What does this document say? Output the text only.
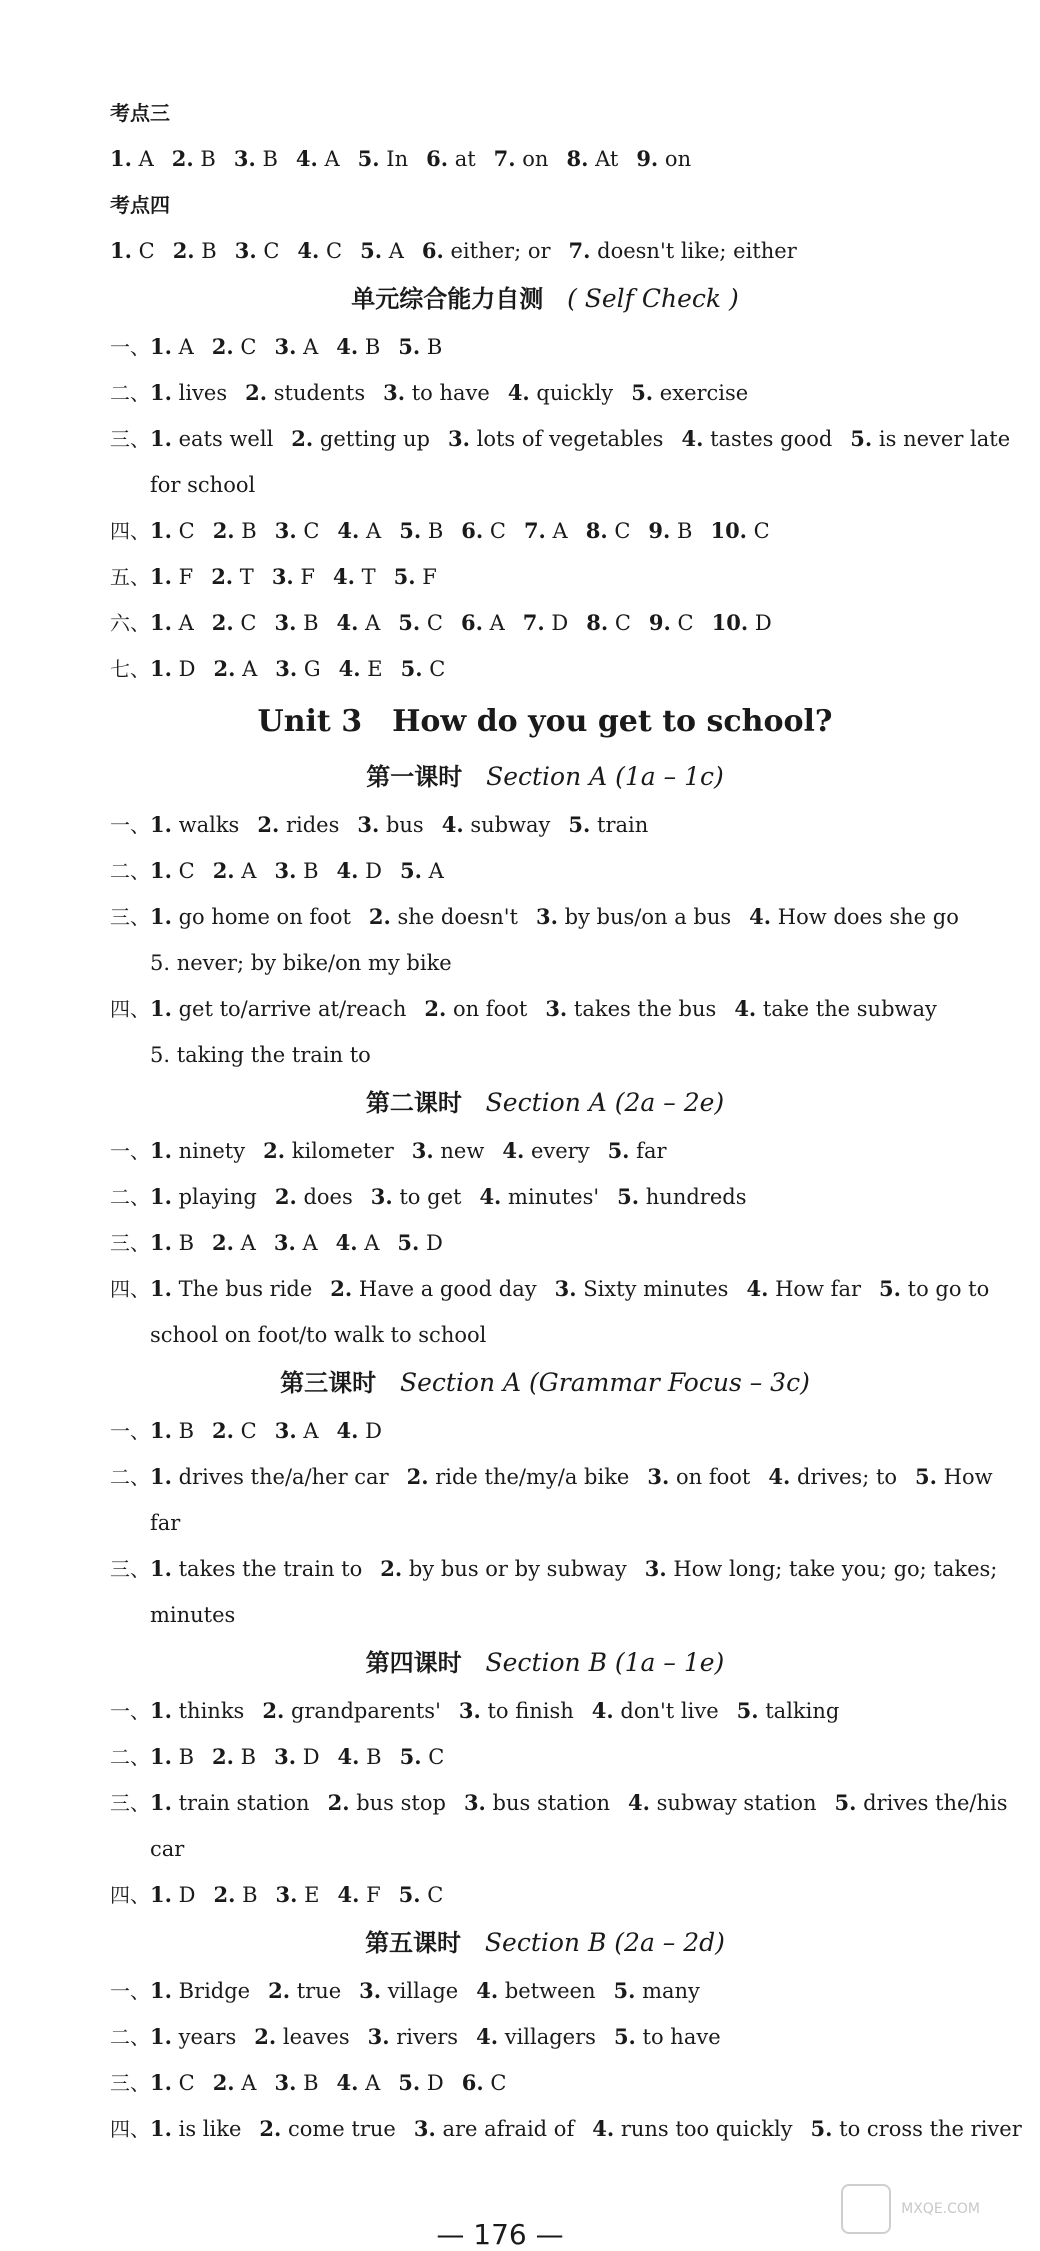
考点三
1. A 2. B 3. B 4. A 5. In 6. at 7. on 8. At 9. on
考点四
1. C 2. B 3. C 4. C 5. A 6. either; or 7. doesn't like; either
单元综合能力自测 ( Self Check )
一、1. A 2. C 3. A 4. B 5. B
二、1. lives 2. students 3. to have 4. quickly 5. exercise
三、1. eats well 2. getting up 3. lots of vegetables 4. tastes good 5. is never late
for school
四、1. C 2. B 3. C 4. A 5. B 6. C 7. A 8. C 9. B 10. C
五、1. F 2. T 3. F 4. T 5. F
六、1. A 2. C 3. B 4. A 5. C 6. A 7. D 8. C 9. C 10. D
七、1. D 2. A 3. G 4. E 5. C
Unit 3　How do you get to school?
第一课时 Section A (1a – 1c)
一、1. walks 2. rides 3. bus 4. subway 5. train
二、1. C 2. A 3. B 4. D 5. A
三、1. go home on foot 2. she doesn't 3. by bus/on a bus 4. How does she go
5. never; by bike/on my bike
四、1. get to/arrive at/reach 2. on foot 3. takes the bus 4. take the subway
5. taking the train to
第二课时 Section A (2a – 2e)
一、1. ninety 2. kilometer 3. new 4. every 5. far
二、1. playing 2. does 3. to get 4. minutes' 5. hundreds
三、1. B 2. A 3. A 4. A 5. D
四、1. The bus ride 2. Have a good day 3. Sixty minutes 4. How far 5. to go to
school on foot/to walk to school
第三课时 Section A (Grammar Focus – 3c)
一、1. B 2. C 3. A 4. D
二、1. drives the/a/her car 2. ride the/my/a bike 3. on foot 4. drives; to 5. How
far
三、1. takes the train to 2. by bus or by subway 3. How long; take you; go; takes;
minutes
第四课时 Section B (1a – 1e)
一、1. thinks 2. grandparents' 3. to finish 4. don't live 5. talking
二、1. B 2. B 3. D 4. B 5. C
三、1. train station 2. bus stop 3. bus station 4. subway station 5. drives the/his
car
四、1. D 2. B 3. E 4. F 5. C
第五课时 Section B (2a – 2d)
一、1. Bridge 2. true 3. village 4. between 5. many
二、1. years 2. leaves 3. rivers 4. villagers 5. to have
三、1. C 2. A 3. B 4. A 5. D 6. C
四、1. is like 2. come true 3. are afraid of 4. runs too quickly 5. to cross the river
— 176 —
MXQE.COM
